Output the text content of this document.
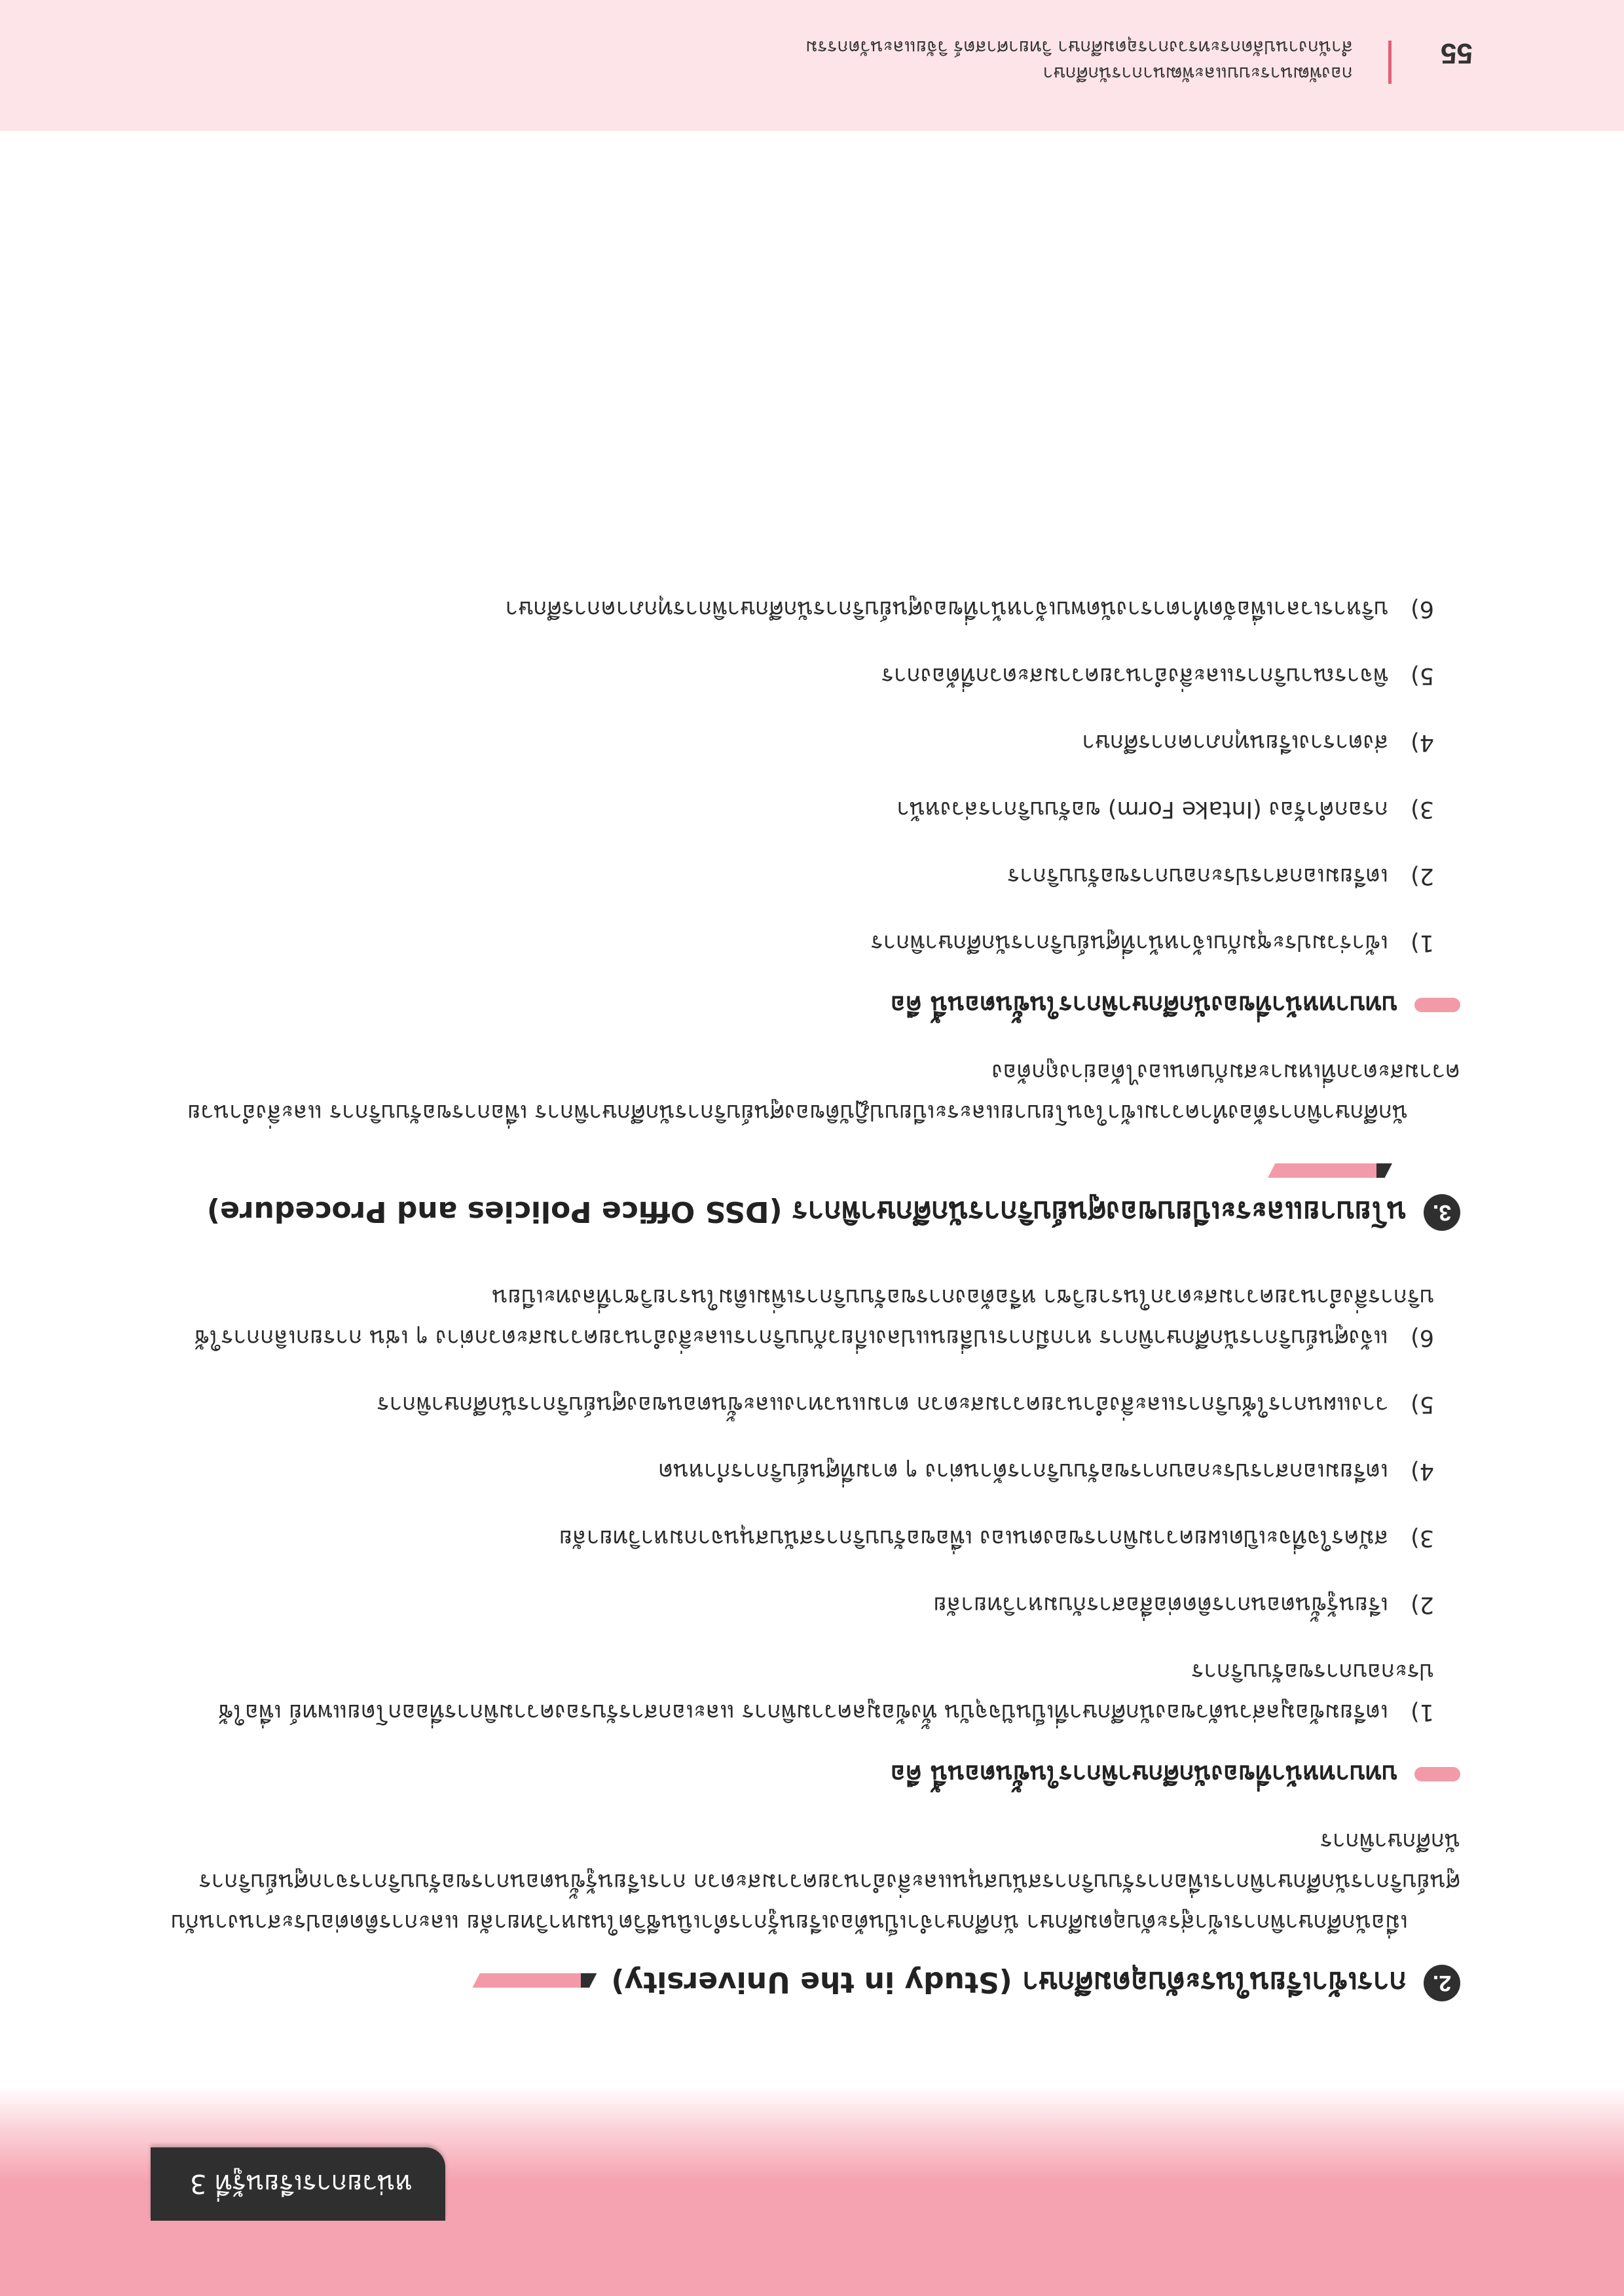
หน่วยการเรียนรู้ที่ 3
2.
การเข้าเรียนในระดับอุดมศึกษา (Study in the University)

เมื่อนักศึกษาพิการเข้าสู่ระดับอุดมศึกษา นักศึกษาจำเป็นต้องเรียนรู้การดำเนินชีวิตในมหาวิทยาลัย และการติดต่อประสานงานกับศูนย์บริการนักศึกษาพิการเพื่อการรับบริการสนับสนุนและสิ่งอำนวยความสะดวก การเรียนรู้ขั้นตอนการขอรับบริการจากศูนย์บริการนักศึกษาพิการ

บทบาทหน้าที่ของนักศึกษาพิการในขั้นตอนนี้ คือ
1)เตรียมข้อมูลส่วนตัวของนักศึกษาที่เป็นปัจจุบัน ทั้งข้อมูลความพิการ และเอกสารรับรองความพิการที่ออกโดยแพทย์ เพื่อใช้ประกอบการขอรับบริการ
2)เรียนรู้ขั้นตอนการติดต่อสื่อสารกับมหาวิทยาลัย
3)สมัครใจที่จะเปิดเผยความพิการของตนเอง เพื่อขอรับบริการสนับสนุนจากมหาวิทยาลัย
4)เตรียมเอกสารประกอบการขอรับบริการด้านต่าง ๆ ตามที่ศูนย์บริการกำหนด
5)วางแผนการใช้บริการและสิ่งอำนวยความสะดวก ตามแนวทางและขั้นตอนของศูนย์บริการนักศึกษาพิการ
6)แจ้งศูนย์บริการนักศึกษาพิการ หากมีการเปลี่ยนแปลงเกี่ยวกับบริการและสิ่งอำนวยความสะดวกต่าง ๆ เช่น การยกเลิกการใช้บริการสิ่งอำนวยความสะดวกในรายวิชา หรือต้องการขอรับบริการเพิ่มเติมในรายวิชาที่ลงทะเบียน
3.
นโยบายและระเบียบของศูนย์บริการนักศึกษาพิการ (DSS Office Policies and Procedure)

นักศึกษาพิการต้องทำความเข้าใจนโยบายและระเบียบปฏิบัติของศูนย์บริการนักศึกษาพิการ เพื่อการขอรับบริการ และสิ่งอำนวยความสะดวกที่เหมาะสมกับตนเองได้อย่างถูกต้อง

บทบาทหน้าที่ของนักศึกษาพิการในขั้นตอนนี้ คือ
1)เข้าร่วมประชุมกับเจ้าหน้าที่ศูนย์บริการนักศึกษาพิการ
2)เตรียมเอกสารประกอบการขอรับบริการ
3)กรอกคำร้อง (Intake Form) ขอรับบริการล่วงหน้า
4)ส่งตารางเรียนทุกภาคการศึกษา
5)พิจารณาบริการและสิ่งอำนวยความสะดวกที่ต้องการ
6)บริหารเวลาเพื่อจัดทำตารางนัดพบเจ้าหน้าที่ของศูนย์บริการนักศึกษาพิการทุกภาคการศึกษา
กองพัฒนาระบบและพัฒนาการนักศึกษา
สำนักงานปลัดกระทรวงการอุดมศึกษา วิทยาศาสตร์ วิจัยและนวัตกรรม	55
